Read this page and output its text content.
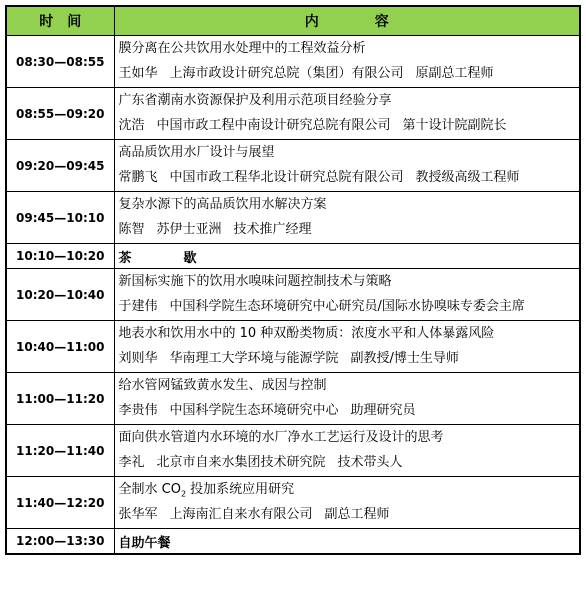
时　间	内　　　　容
08:30—08:55	膜分离在公共饮用水处理中的工程效益分析
王如华 上海市政设计研究总院（集团）有限公司 原副总工程师

08:55—09:20	广东省潮南水资源保护及利用示范项目经验分享
沈浩 中国市政工程中南设计研究总院有限公司 第十设计院副院长

09:20—09:45	高品质饮用水厂设计与展望
常鹏飞 中国市政工程华北设计研究总院有限公司 教授级高级工程师

09:45—10:10	复杂水源下的高品质饮用水解决方案
陈智 苏伊士亚洲 技术推广经理

10:10—10:20	茶　　　　歇
10:20—10:40	新国标实施下的饮用水嗅味问题控制技术与策略
于建伟 中国科学院生态环境研究中心研究员/国际水协嗅味专委会主席

10:40—11:00	地表水和饮用水中的 10 种双酚类物质：浓度水平和人体暴露风险
刘则华 华南理工大学环境与能源学院 副教授/博士生导师

11:00—11:20	给水管网锰致黄水发生、成因与控制
李贵伟 中国科学院生态环境研究中心 助理研究员

11:20—11:40	面向供水管道内水环境的水厂净水工艺运行及设计的思考
李礼 北京市自来水集团技术研究院 技术带头人

11:40—12:20	全制水 $CO_2$ 投加系统应用研究
张华军 上海南汇自来水有限公司 副总工程师

12:00—13:30	自助午餐
